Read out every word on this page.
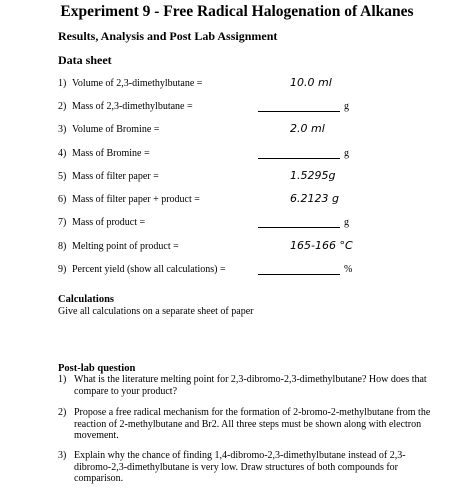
Experiment 9 - Free Radical Halogenation of Alkanes
Results, Analysis and Post Lab Assignment
Data sheet
1) Volume of 2,3-dimethylbutane =	10.0 ml
2) Mass of 2,3-dimethylbutane =	g
3) Volume of Bromine =	2.0 ml
4) Mass of Bromine =	g
5) Mass of filter paper =	1.5295g
6) Mass of filter paper + product =	6.2123 g
7) Mass of product =	g
8) Melting point of product =	165-166 °C
9) Percent yield (show all calculations) =	%
Calculations
Give all calculations on a separate sheet of paper
Post-lab question
1) What is the literature melting point for 2,3-dibromo-2,3-dimethylbutane? How does that compare to your product?
2) Propose a free radical mechanism for the formation of 2-bromo-2-methylbutane from the reaction of 2-methylbutane and Br2. All three steps must be shown along with electron movement.
3) Explain why the chance of finding 1,4-dibromo-2,3-dimethylbutane instead of 2,3-dibromo-2,3-dimethylbutane is very low. Draw structures of both compounds for comparison.
